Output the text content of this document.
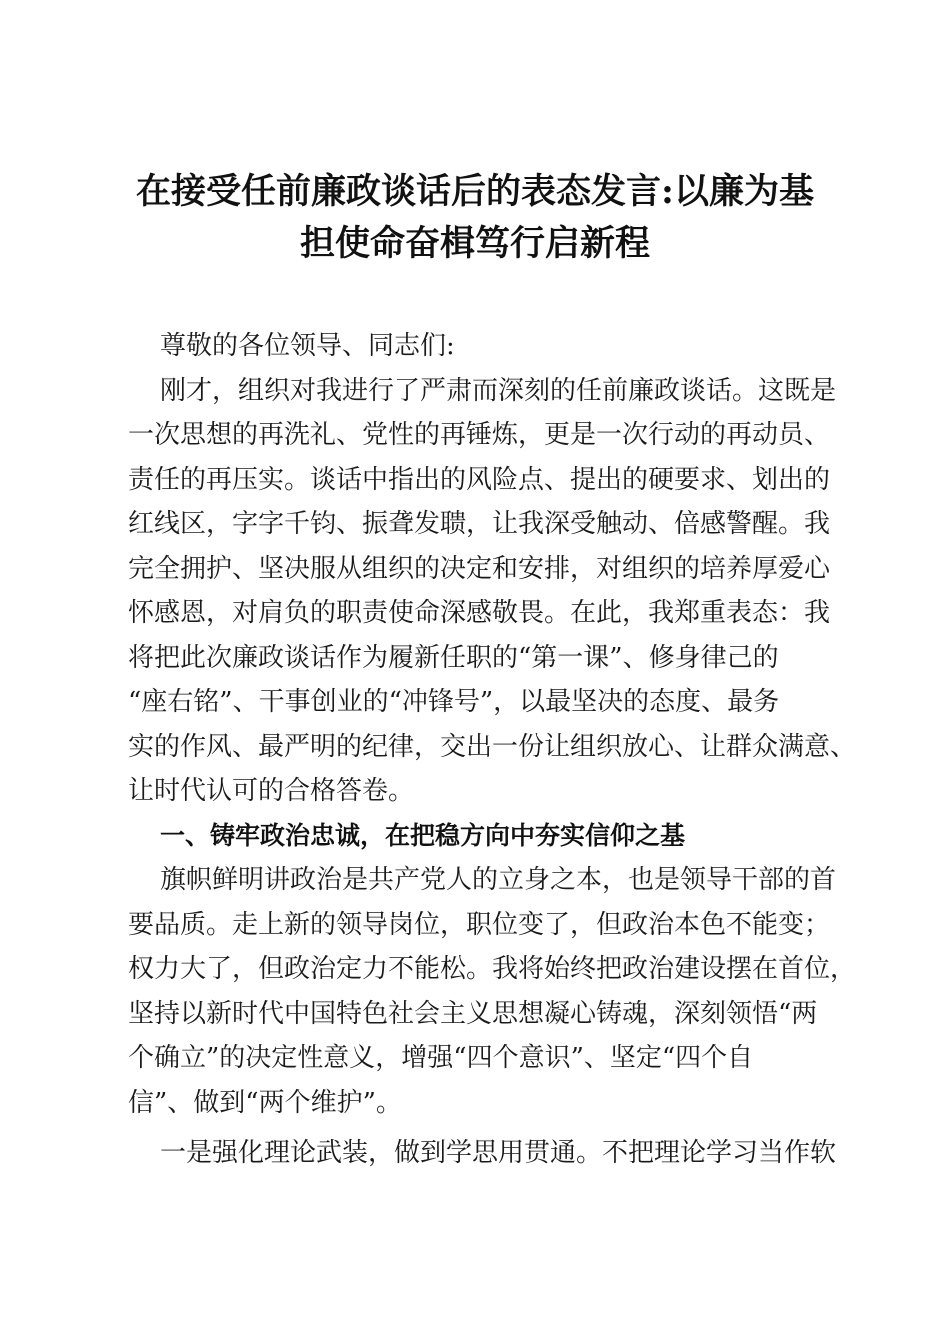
在接受任前廉政谈话后的表态发言:以廉为基
担使命奋楫笃行启新程
尊敬的各位领导、同志们:
刚才，组织对我进行了严肃而深刻的任前廉政谈话。这既是
一次思想的再洗礼、党性的再锤炼，更是一次行动的再动员、
责任的再压实。谈话中指出的风险点、提出的硬要求、划出的
红线区，字字千钧、振聋发聩，让我深受触动、倍感警醒。我
完全拥护、坚决服从组织的决定和安排，对组织的培养厚爱心
怀感恩，对肩负的职责使命深感敬畏。在此，我郑重表态：我
将把此次廉政谈话作为履新任职的“第一课”、修身律己的
“座右铭”、干事创业的“冲锋号”，以最坚决的态度、最务
实的作风、最严明的纪律，交出一份让组织放心、让群众满意、
让时代认可的合格答卷。
一、铸牢政治忠诚，在把稳方向中夯实信仰之基
旗帜鲜明讲政治是共产党人的立身之本，也是领导干部的首
要品质。走上新的领导岗位，职位变了，但政治本色不能变；
权力大了，但政治定力不能松。我将始终把政治建设摆在首位，
坚持以新时代中国特色社会主义思想凝心铸魂，深刻领悟“两
个确立”的决定性意义，增强“四个意识”、坚定“四个自
信”、做到“两个维护”。
一是强化理论武装，做到学思用贯通。不把理论学习当作软
